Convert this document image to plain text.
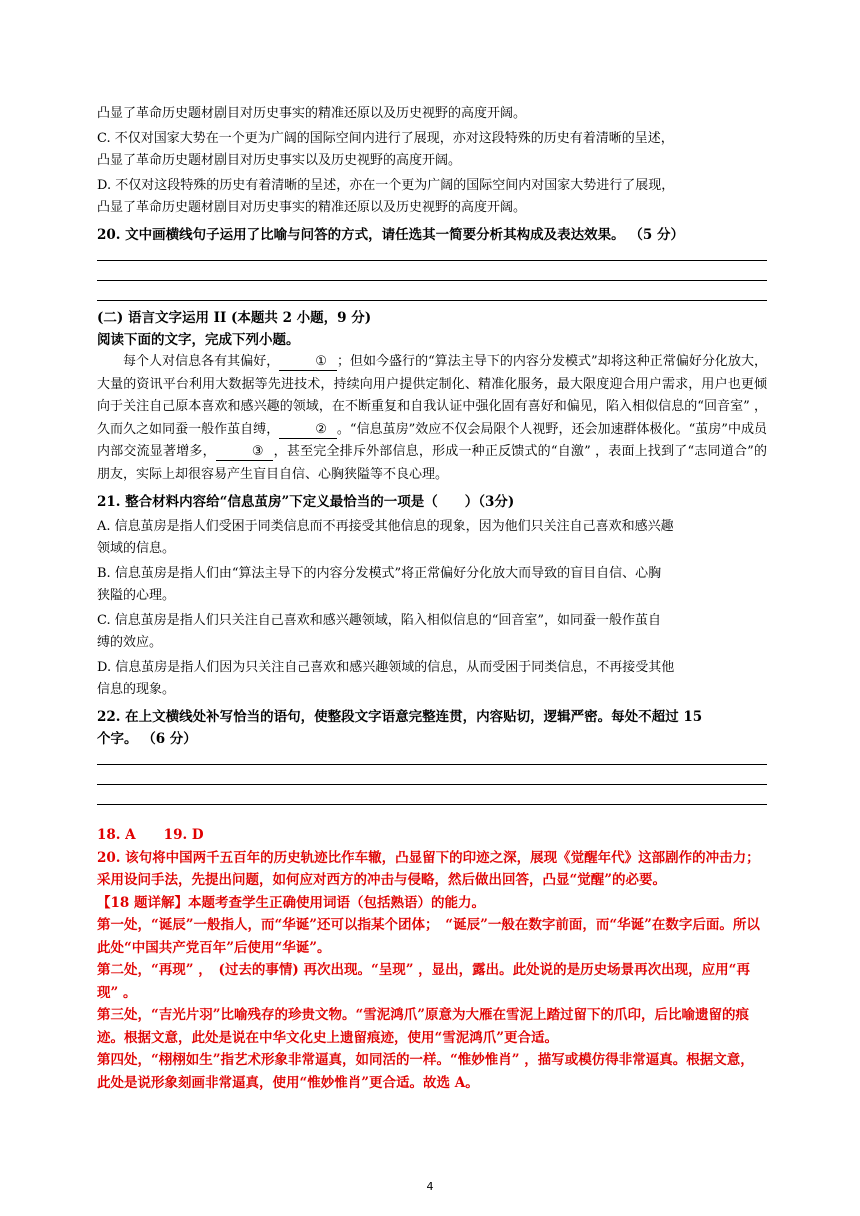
凸显了革命历史题材剧目对历史事实的精准还原以及历史视野的高度开阔。

C. 不仅对国家大势在一个更为广阔的国际空间内进行了展现，亦对这段特殊的历史有着清晰的呈述，

凸显了革命历史题材剧目对历史事实以及历史视野的高度开阔。

D. 不仅对这段特殊的历史有着清晰的呈述，亦在一个更为广阔的国际空间内对国家大势进行了展现，

凸显了革命历史题材剧目对历史事实的精准还原以及历史视野的高度开阔。

20. 文中画横线句子运用了比喻与问答的方式，请任选其一简要分析其构成及表达效果。 （5 分）

(二) 语言文字运用 II (本题共 2 小题，9 分)

阅读下面的文字，完成下列小题。

每个人对信息各有其偏好，	① ；但如今盛行的“算法主导下的内容分发模式”却将这种正常偏好分化放大，大量的资讯平台利用大数据等先进技术，持续向用户提供定制化、精准化服务，最大限度迎合用户需求，用户也更倾向于关注自己原本喜欢和感兴趣的领域，在不断重复和自我认证中强化固有喜好和偏见，陷入相似信息的“回音室” ，久而久之如同蚕一般作茧自缚，	② 。“信息茧房”效应不仅会局限个人视野，还会加速群体极化。“茧房”中成员内部交流显著增多，	③ ，甚至完全排斥外部信息，形成一种正反馈式的“自激” ，表面上找到了“志同道合”的朋友，实际上却很容易产生盲目自信、心胸狭隘等不良心理。

21. 整合材料内容给“信息茧房”下定义最恰当的一项是（　　）（3分)

A. 信息茧房是指人们受困于同类信息而不再接受其他信息的现象，因为他们只关注自己喜欢和感兴趣

领域的信息。

B. 信息茧房是指人们由“算法主导下的内容分发模式”将正常偏好分化放大而导致的盲目自信、心胸

狭隘的心理。

C. 信息茧房是指人们只关注自己喜欢和感兴趣领域，陷入相似信息的“回音室”，如同蚕一般作茧自

缚的效应。

D. 信息茧房是指人们因为只关注自己喜欢和感兴趣领域的信息，从而受困于同类信息，不再接受其他

信息的现象。

22. 在上文横线处补写恰当的语句，使整段文字语意完整连贯，内容贴切，逻辑严密。每处不超过 15

个字。 （6 分）

18. A 19. D

20. 该句将中国两千五百年的历史轨迹比作车辙，凸显留下的印迹之深，展现《觉醒年代》这部剧作的冲击力；采用设问手法，先提出问题，如何应对西方的冲击与侵略，然后做出回答，凸显“觉醒”的必要。

【18 题详解】本题考查学生正确使用词语（包括熟语）的能力。

第一处，“诞辰”一般指人，而“华诞”还可以指某个团体；　“诞辰”一般在数字前面，而“华诞”在数字后面。所以此处“中国共产党百年”后使用“华诞”。

第二处，“再现” ，　(过去的事情) 再次出现。“呈现” ，显出，露出。此处说的是历史场景再次出现，应用“再现” 。

第三处，“吉光片羽”比喻残存的珍贵文物。“雪泥鸿爪”原意为大雁在雪泥上踏过留下的爪印，后比喻遗留的痕迹。根据文意，此处是说在中华文化史上遗留痕迹，使用“雪泥鸿爪”更合适。

第四处，“栩栩如生”指艺术形象非常逼真，如同活的一样。“惟妙惟肖” ，描写或模仿得非常逼真。根据文意，此处是说形象刻画非常逼真，使用“惟妙惟肖”更合适。故选 A。

4
